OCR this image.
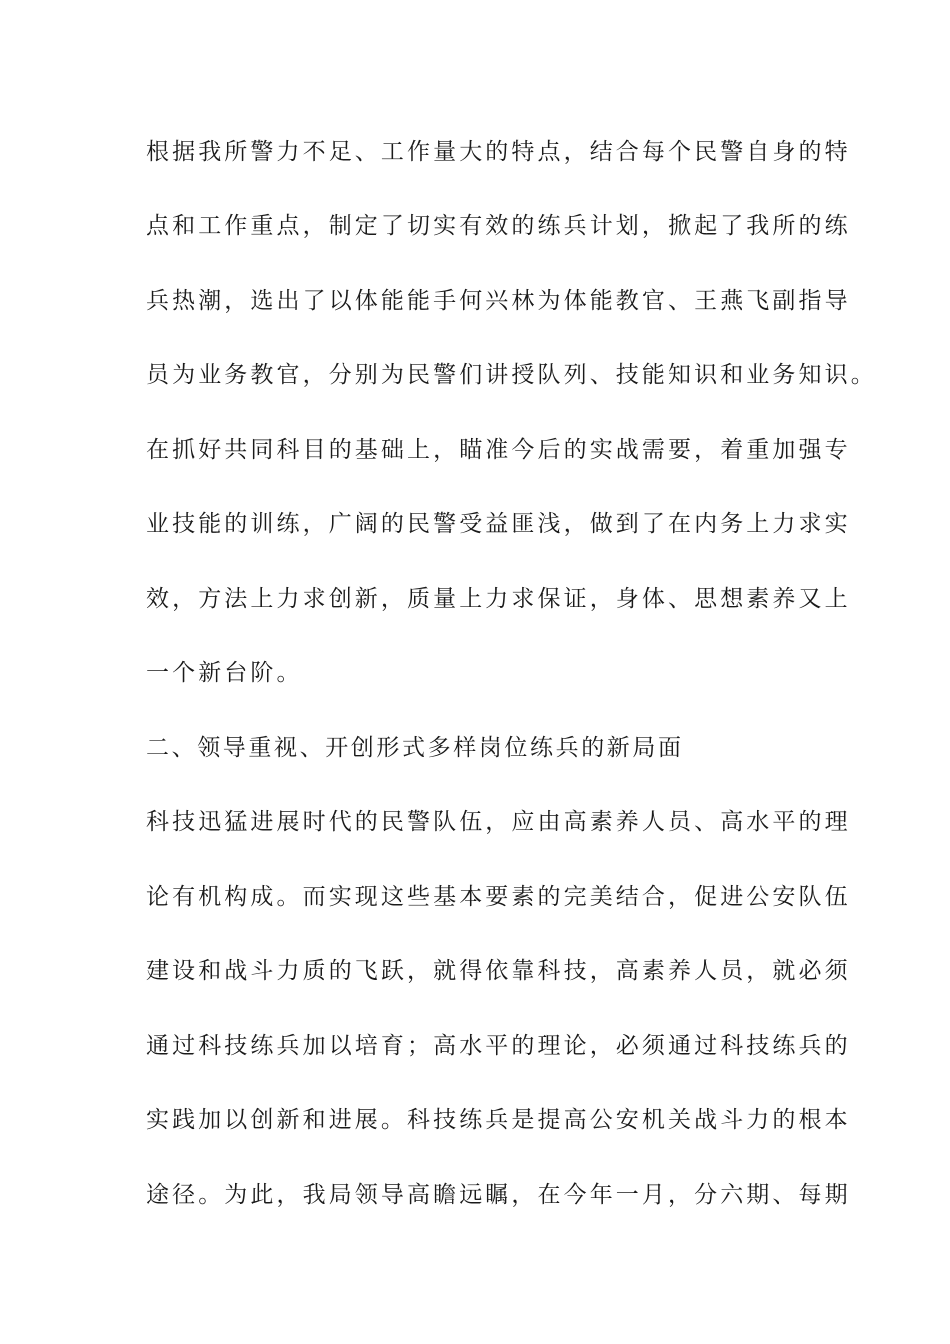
根据我所警力不足、工作量大的特点，结合每个民警自身的特
点和工作重点，制定了切实有效的练兵计划，掀起了我所的练
兵热潮，选出了以体能能手何兴林为体能教官、王燕飞副指导
员为业务教官，分别为民警们讲授队列、技能知识和业务知识。
在抓好共同科目的基础上，瞄准今后的实战需要，着重加强专
业技能的训练，广阔的民警受益匪浅，做到了在内务上力求实
效，方法上力求创新，质量上力求保证，身体、思想素养又上
一个新台阶。
二、领导重视、开创形式多样岗位练兵的新局面
科技迅猛进展时代的民警队伍，应由高素养人员、高水平的理
论有机构成。而实现这些基本要素的完美结合，促进公安队伍
建设和战斗力质的飞跃，就得依靠科技，高素养人员，就必须
通过科技练兵加以培育；高水平的理论，必须通过科技练兵的
实践加以创新和进展。科技练兵是提高公安机关战斗力的根本
途径。为此，我局领导高瞻远瞩，在今年一月，分六期、每期
